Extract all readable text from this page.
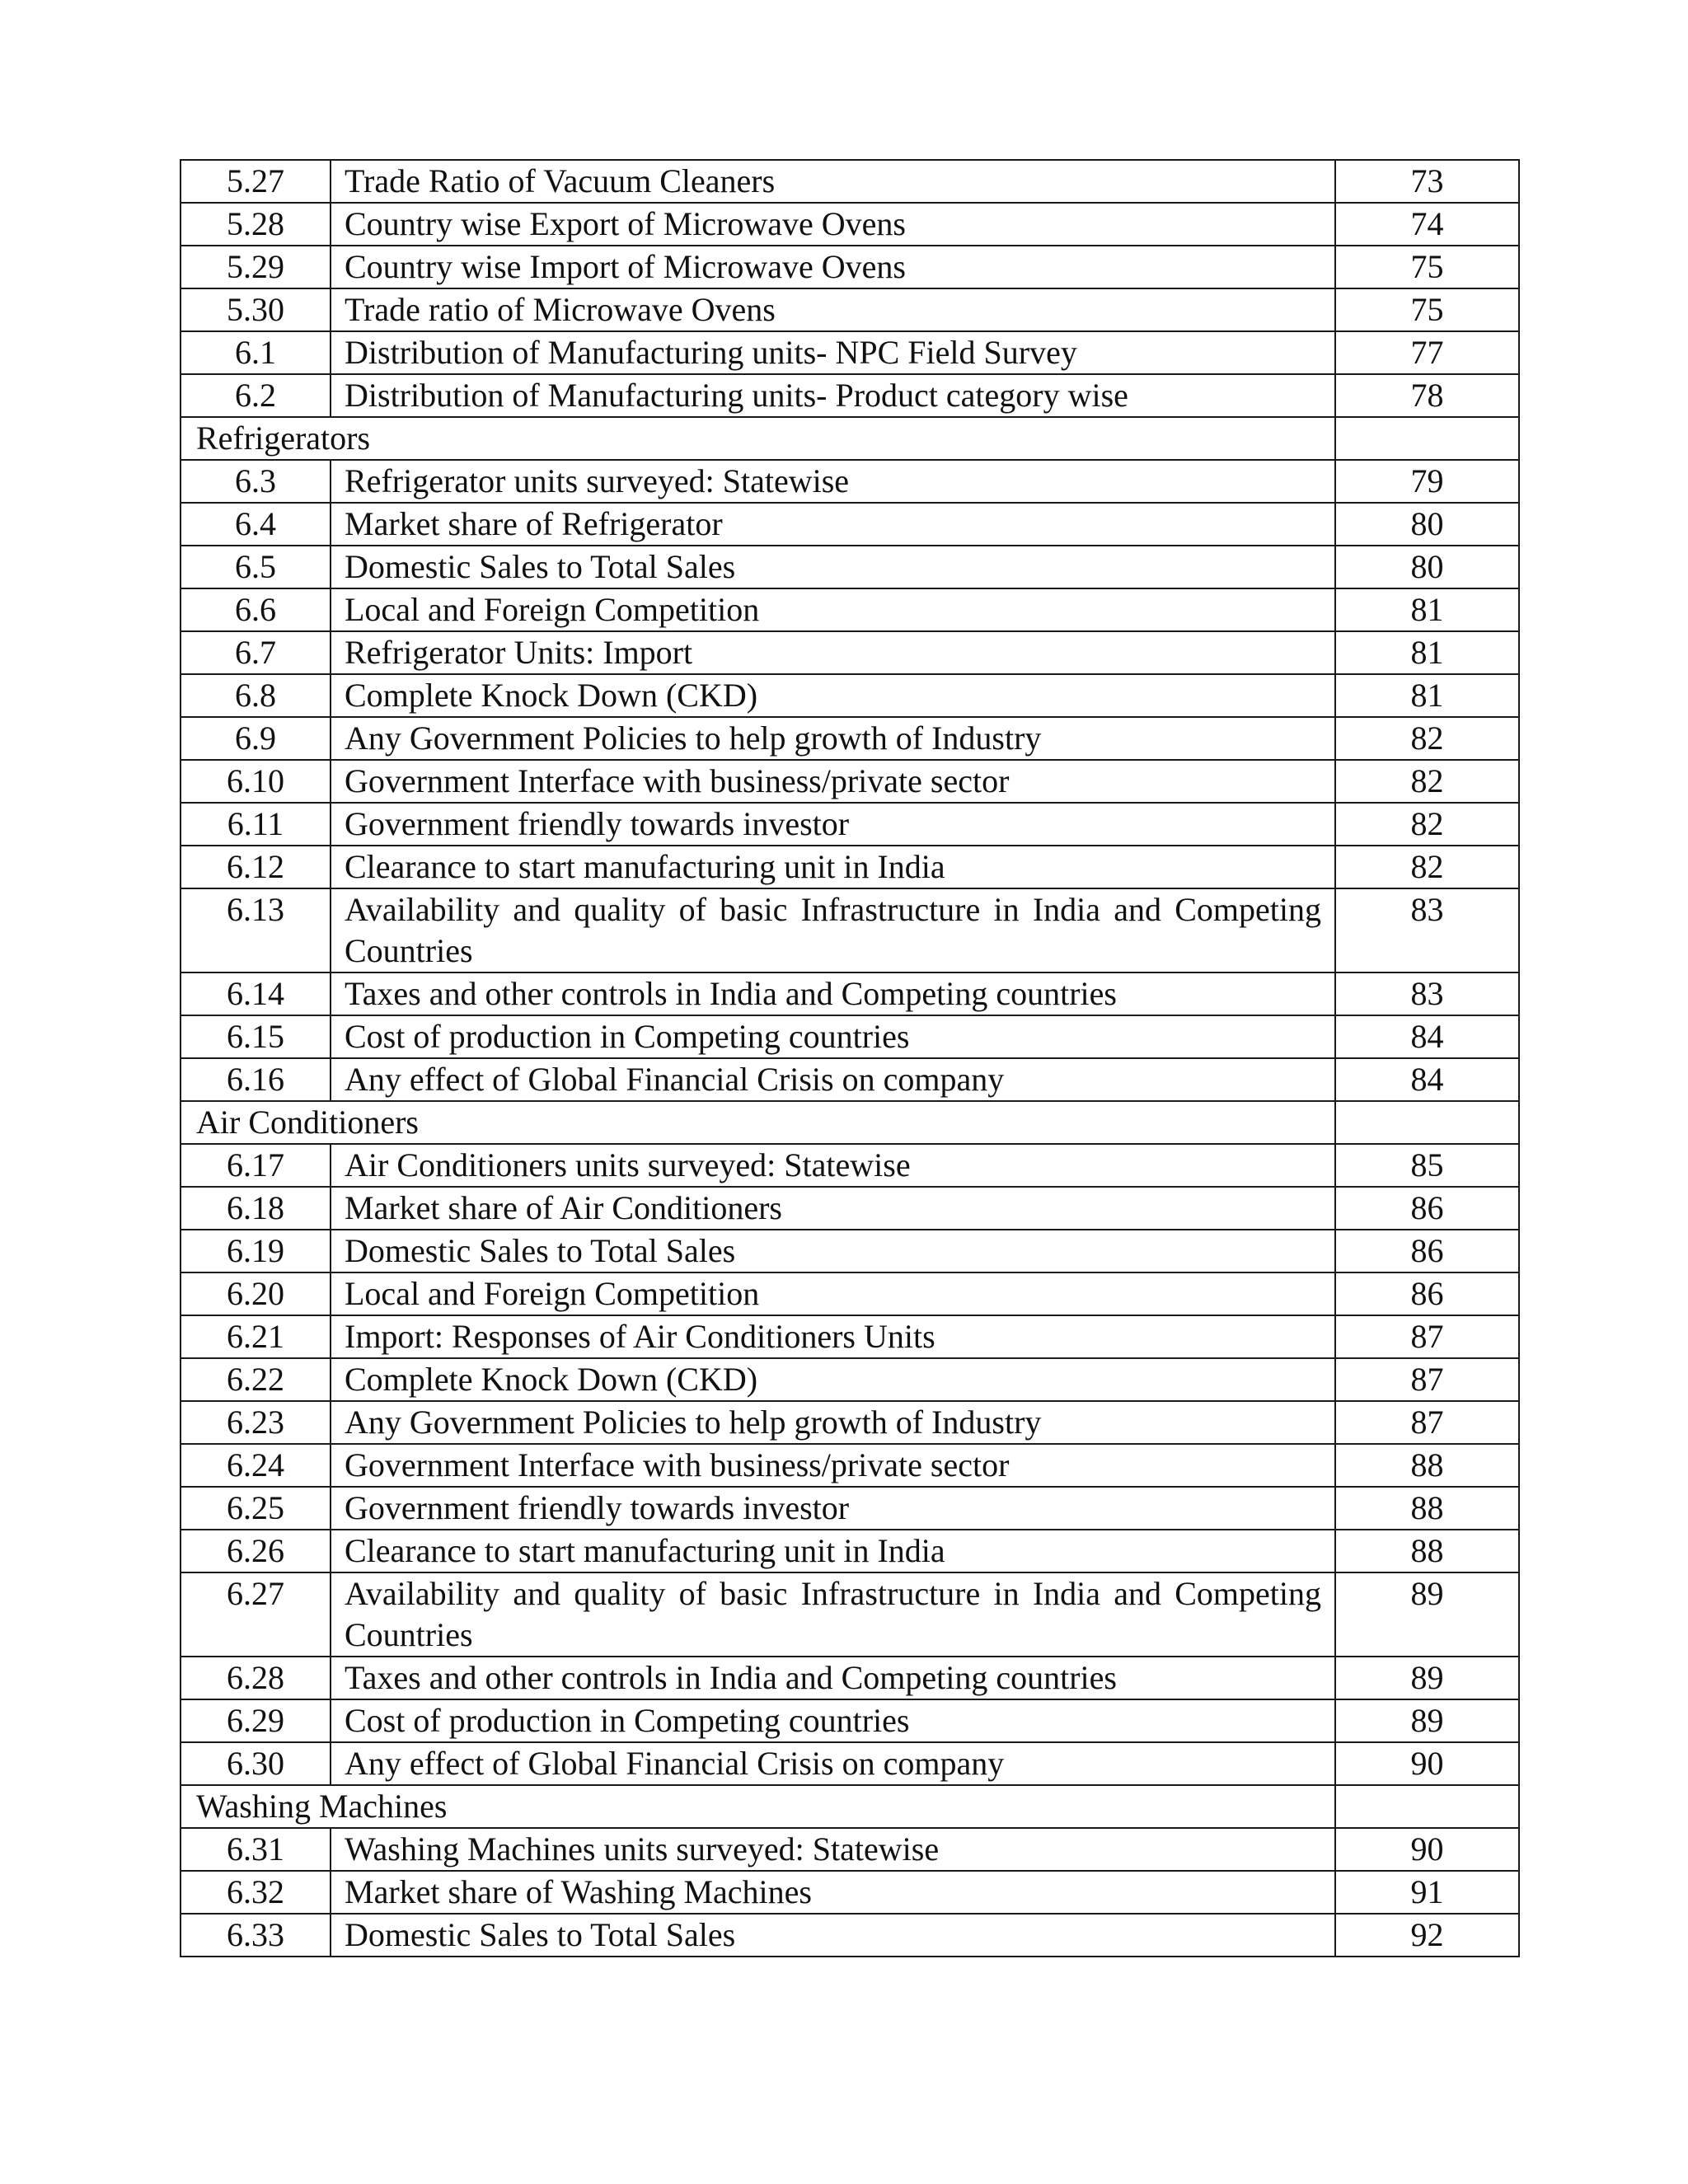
5.27	Trade Ratio of Vacuum Cleaners	73
5.28	Country wise Export of Microwave Ovens	74
5.29	Country wise Import of Microwave Ovens	75
5.30	Trade ratio of Microwave Ovens	75
6.1	Distribution of Manufacturing units- NPC Field Survey	77
6.2	Distribution of Manufacturing units- Product category wise	78
Refrigerators		
6.3	Refrigerator units surveyed: Statewise	79
6.4	Market share of Refrigerator	80
6.5	Domestic Sales to Total Sales	80
6.6	Local and Foreign Competition	81
6.7	Refrigerator Units: Import	81
6.8	Complete Knock Down (CKD)	81
6.9	Any Government Policies to help growth of Industry	82
6.10	Government Interface with business/private sector	82
6.11	Government friendly towards investor	82
6.12	Clearance to start manufacturing unit in India	82
6.13	Availability and quality of basic Infrastructure in India and Competing Countries	83
6.14	Taxes and other controls in India and Competing countries	83
6.15	Cost of production in Competing countries	84
6.16	Any effect of Global Financial Crisis on company	84
Air Conditioners		
6.17	Air Conditioners units surveyed: Statewise	85
6.18	Market share of Air Conditioners	86
6.19	Domestic Sales to Total Sales	86
6.20	Local and Foreign Competition	86
6.21	Import: Responses of Air Conditioners Units	87
6.22	Complete Knock Down (CKD)	87
6.23	Any Government Policies to help growth of Industry	87
6.24	Government Interface with business/private sector	88
6.25	Government friendly towards investor	88
6.26	Clearance to start manufacturing unit in India	88
6.27	Availability and quality of basic Infrastructure in India and Competing Countries	89
6.28	Taxes and other controls in India and Competing countries	89
6.29	Cost of production in Competing countries	89
6.30	Any effect of Global Financial Crisis on company	90
Washing Machines		
6.31	Washing Machines units surveyed: Statewise	90
6.32	Market share of Washing Machines	91
6.33	Domestic Sales to Total Sales	92
